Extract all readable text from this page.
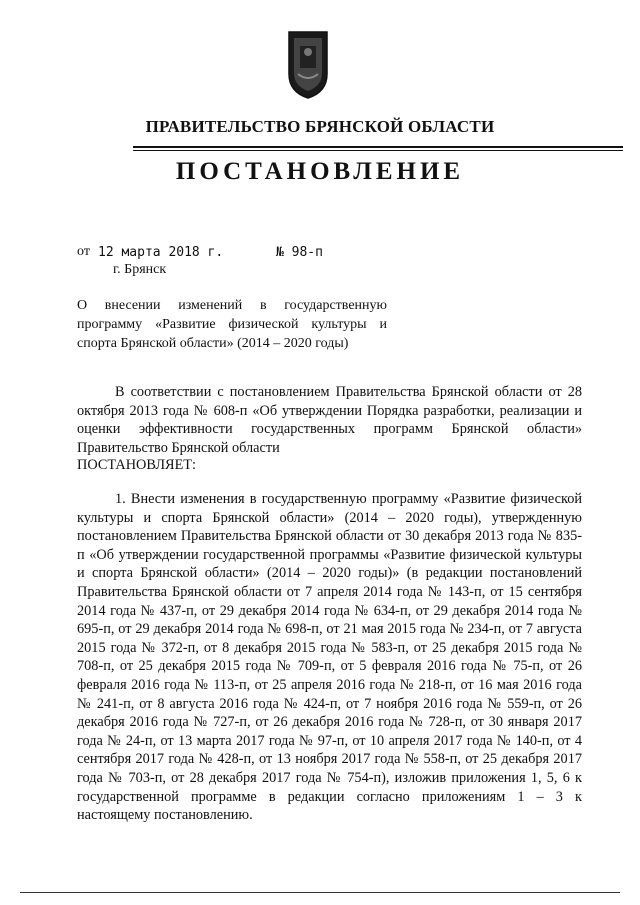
ПРАВИТЕЛЬСТВО БРЯНСКОЙ ОБЛАСТИ
ПОСТАНОВЛЕНИЕ
от 12 марта 2018 г.	№ 98-п
г. Брянск
О внесении изменений в государственную программу «Развитие физической культуры и спорта Брянской области» (2014 – 2020 годы)
В соответствии с постановлением Правительства Брянской области от 28 октября 2013 года № 608-п «Об утверждении Порядка разработки, реализации и оценки эффективности государственных программ Брянской области» Правительство Брянской области
ПОСТАНОВЛЯЕТ:
1. Внести изменения в государственную программу «Развитие физической культуры и спорта Брянской области» (2014 – 2020 годы), утвержденную постановлением Правительства Брянской области от 30 декабря 2013 года № 835-п «Об утверждении государственной программы «Развитие физической культуры и спорта Брянской области» (2014 – 2020 годы)» (в редакции постановлений Правительства Брянской области от 7 апреля 2014 года № 143-п, от 15 сентября 2014 года № 437-п, от 29 декабря 2014 года № 634-п, от 29 декабря 2014 года № 695-п, от 29 декабря 2014 года № 698-п, от 21 мая 2015 года № 234-п, от 7 августа 2015 года № 372-п, от 8 декабря 2015 года № 583-п, от 25 декабря 2015 года № 708-п, от 25 декабря 2015 года № 709-п, от 5 февраля 2016 года № 75-п, от 26 февраля 2016 года № 113-п, от 25 апреля 2016 года № 218-п, от 16 мая 2016 года № 241-п, от 8 августа 2016 года № 424-п, от 7 ноября 2016 года № 559-п, от 26 декабря 2016 года № 727-п, от 26 декабря 2016 года № 728-п, от 30 января 2017 года № 24-п, от 13 марта 2017 года № 97-п, от 10 апреля 2017 года № 140-п, от 4 сентября 2017 года № 428-п, от 13 ноября 2017 года № 558-п, от 25 декабря 2017 года № 703-п, от 28 декабря 2017 года № 754-п), изложив приложения 1, 5, 6 к государственной программе в редакции согласно приложениям 1 – 3 к настоящему постановлению.
